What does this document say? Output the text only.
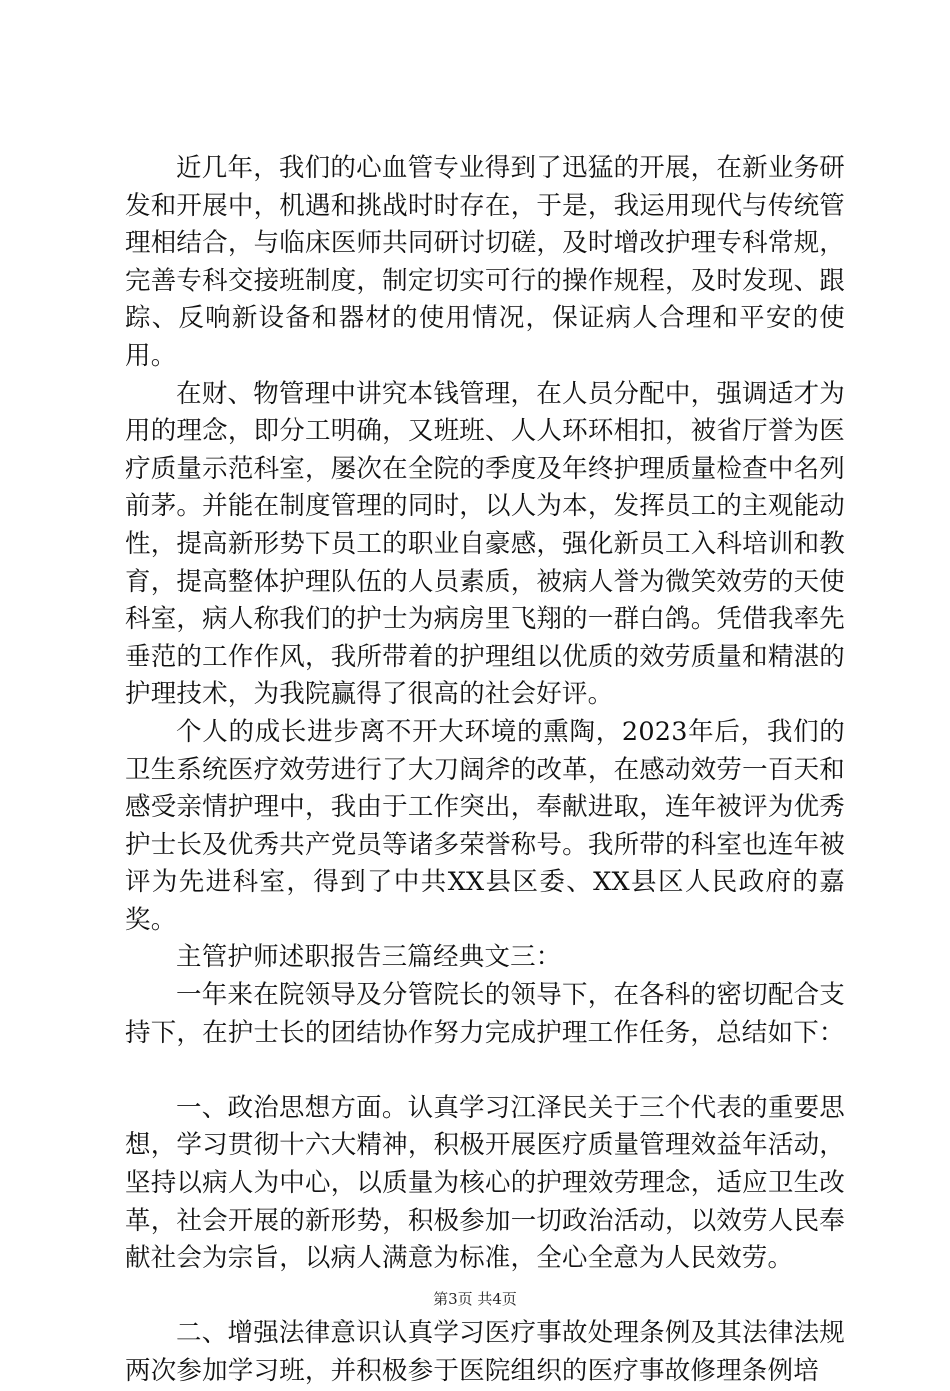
近几年，我们的心血管专业得到了迅猛的开展，在新业务研发和开展中，机遇和挑战时时存在，于是，我运用现代与传统管理相结合，与临床医师共同研讨切磋，及时增改护理专科常规，完善专科交接班制度，制定切实可行的操作规程，及时发现、跟踪、反响新设备和器材的使用情况，保证病人合理和平安的使用。

在财、物管理中讲究本钱管理，在人员分配中，强调适才为用的理念，即分工明确，又班班、人人环环相扣，被省厅誉为医疗质量示范科室，屡次在全院的季度及年终护理质量检查中名列前茅。并能在制度管理的同时，以人为本，发挥员工的主观能动性，提高新形势下员工的职业自豪感，强化新员工入科培训和教育，提高整体护理队伍的人员素质，被病人誉为微笑效劳的天使科室，病人称我们的护士为病房里飞翔的一群白鸽。凭借我率先垂范的工作作风，我所带着的护理组以优质的效劳质量和精湛的护理技术，为我院赢得了很高的社会好评。

个人的成长进步离不开大环境的熏陶，2023年后，我们的卫生系统医疗效劳进行了大刀阔斧的改革，在感动效劳一百天和感受亲情护理中，我由于工作突出，奉献进取，连年被评为优秀护士长及优秀共产党员等诸多荣誉称号。我所带的科室也连年被评为先进科室，得到了中共XX县区委、XX县区人民政府的嘉奖。

主管护师述职报告三篇经典文三：

一年来在院领导及分管院长的领导下，在各科的密切配合支持下，在护士长的团结协作努力完成护理工作任务，总结如下：

一、政治思想方面。认真学习江泽民关于三个代表的重要思想，学习贯彻十六大精神，积极开展医疗质量管理效益年活动，坚持以病人为中心，以质量为核心的护理效劳理念，适应卫生改革，社会开展的新形势，积极参加一切政治活动，以效劳人民奉献社会为宗旨，以病人满意为标准，全心全意为人民效劳。

二、增强法律意识认真学习医疗事故处理条例及其法律法规两次参加学习班，并积极参于医院组织的医疗事故修理条例培

第3页 共4页
